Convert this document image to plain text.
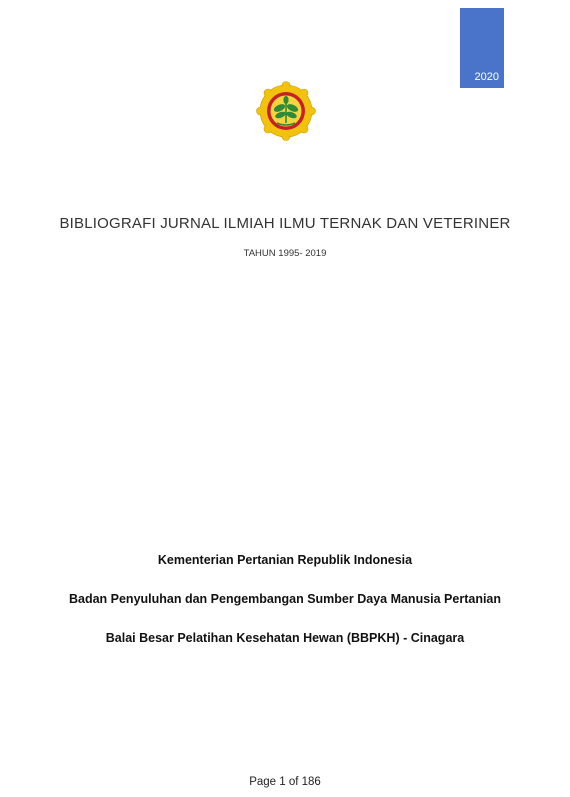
2020
BIBLIOGRAFI JURNAL ILMIAH ILMU TERNAK DAN VETERINER
TAHUN 1995- 2019
Kementerian Pertanian Republik Indonesia
Badan Penyuluhan dan Pengembangan Sumber Daya Manusia Pertanian
Balai Besar Pelatihan Kesehatan Hewan (BBPKH) - Cinagara
Page 1 of 186
